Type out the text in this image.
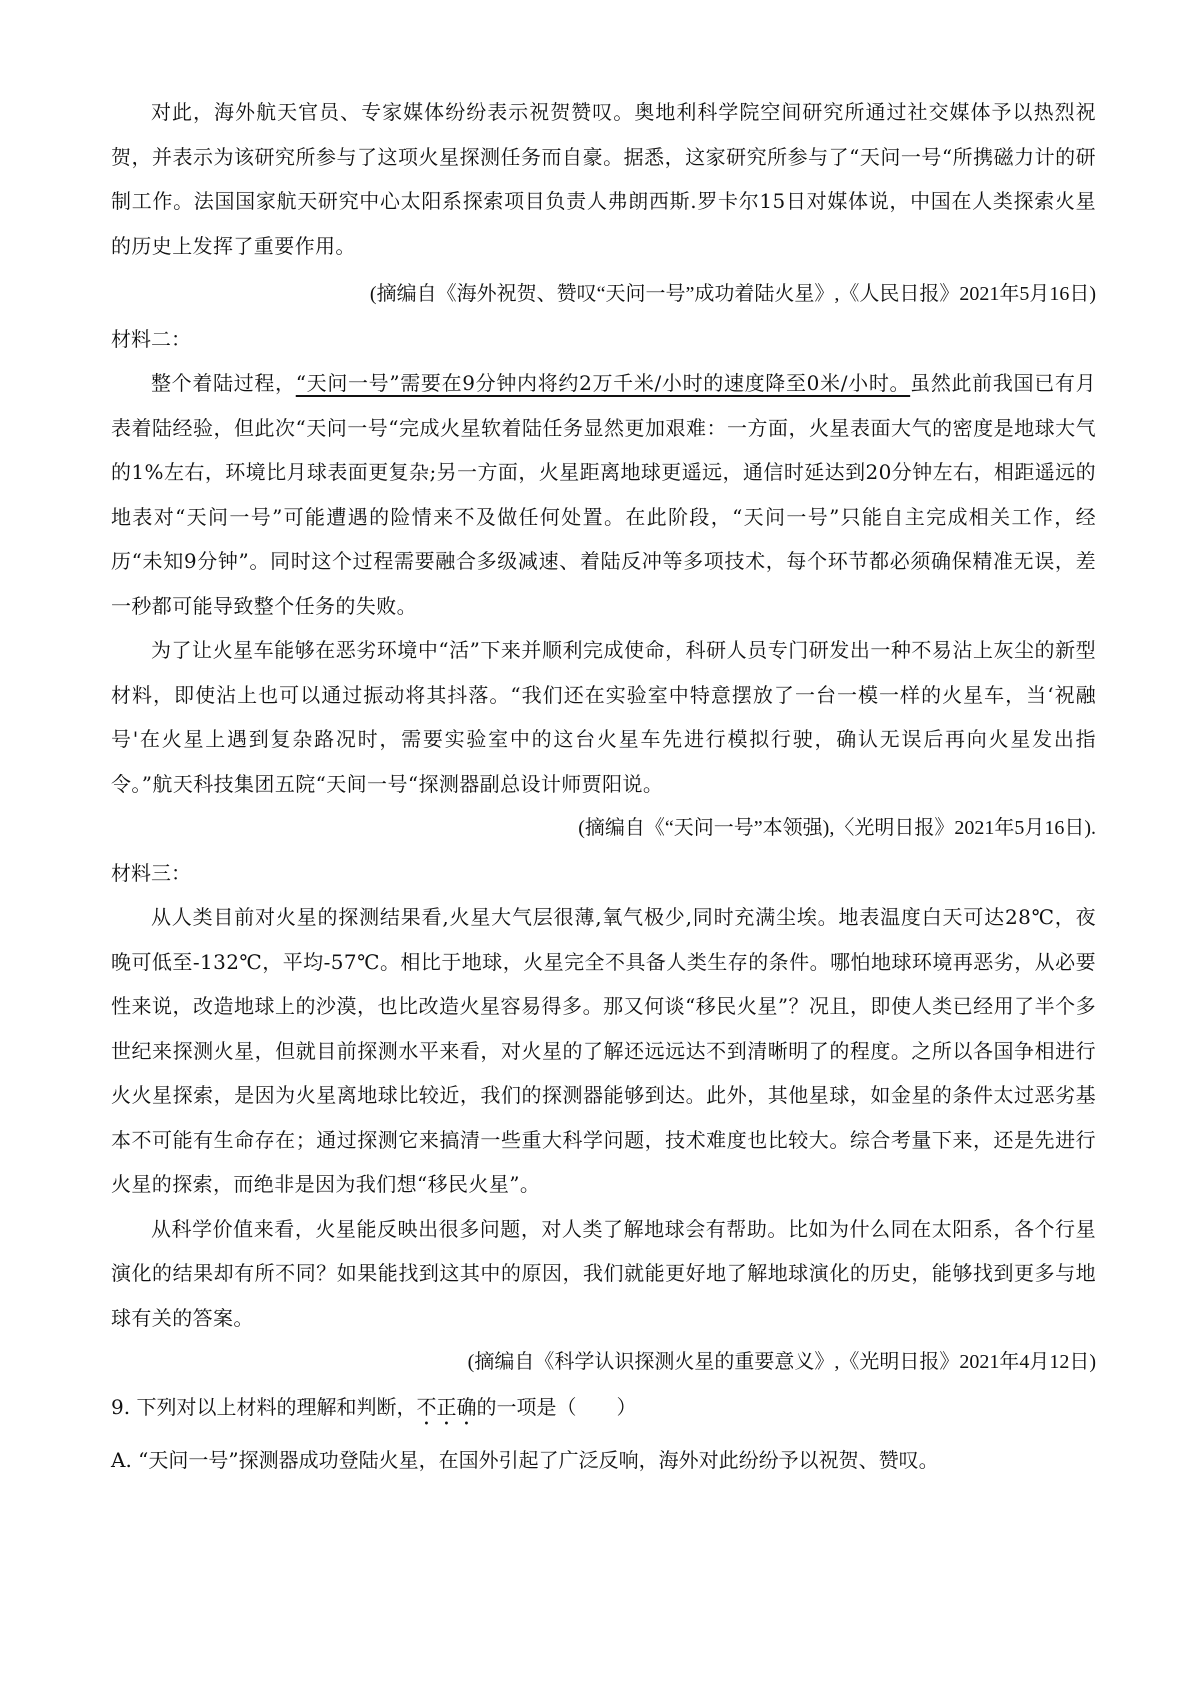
对此，海外航天官员、专家媒体纷纷表示祝贺赞叹。奥地利科学院空间研究所通过社交媒体予以热烈祝贺，并表示为该研究所参与了这项火星探测任务而自豪。据悉，这家研究所参与了“天问一号“所携磁力计的研制工作。法国国家航天研究中心太阳系探索项目负责人弗朗西斯.罗卡尔15日对媒体说，中国在人类探索火星的历史上发挥了重要作用。

(摘编自《海外祝贺、赞叹“天问一号”成功着陆火星》,《人民日报》2021年5月16日)

材料二：

整个着陆过程，“天问一号”需要在9分钟内将约2万千米/小时的速度降至0米/小时。虽然此前我国已有月表着陆经验，但此次“天问一号“完成火星软着陆任务显然更加艰难：一方面，火星表面大气的密度是地球大气的1%左右，环境比月球表面更复杂;另一方面，火星距离地球更遥远，通信时延达到20分钟左右，相距遥远的地表对“天问一号”可能遭遇的险情来不及做任何处置。在此阶段，“天问一号”只能自主完成相关工作，经历“未知9分钟”。同时这个过程需要融合多级减速、着陆反冲等多项技术，每个环节都必须确保精准无误，差一秒都可能导致整个任务的失败。

为了让火星车能够在恶劣环境中“活”下来并顺利完成使命，科研人员专门研发出一种不易沾上灰尘的新型材料，即使沾上也可以通过振动将其抖落。“我们还在实验室中特意摆放了一台一模一样的火星车，当‘祝融号'在火星上遇到复杂路况时，需要实验室中的这台火星车先进行模拟行驶，确认无误后再向火星发出指令。”航天科技集团五院“天间一号“探测器副总设计师贾阳说。

(摘编自《“天问一号”本领强),〈光明日报》2021年5月16日).

材料三：

从人类目前对火星的探测结果看,火星大气层很薄,氧气极少,同时充满尘埃。地表温度白天可达28℃，夜晚可低至-132℃，平均-57℃。相比于地球，火星完全不具备人类生存的条件。哪怕地球环境再恶劣，从必要性来说，改造地球上的沙漠，也比改造火星容易得多。那又何谈“移民火星”？况且，即使人类已经用了半个多世纪来探测火星，但就目前探测水平来看，对火星的了解还远远达不到清晰明了的程度。之所以各国争相进行火火星探索，是因为火星离地球比较近，我们的探测器能够到达。此外，其他星球，如金星的条件太过恶劣基本不可能有生命存在；通过探测它来搞清一些重大科学问题，技术难度也比较大。综合考量下来，还是先进行火星的探索，而绝非是因为我们想“移民火星”。

从科学价值来看，火星能反映出很多问题，对人类了解地球会有帮助。比如为什么同在太阳系，各个行星演化的结果却有所不同？如果能找到这其中的原因，我们就能更好地了解地球演化的历史，能够找到更多与地球有关的答案。

(摘编自《科学认识探测火星的重要意义》,《光明日报》2021年4月12日)

9. 下列对以上材料的理解和判断，不正确的一项是（　　）

A. “天问一号”探测器成功登陆火星，在国外引起了广泛反响，海外对此纷纷予以祝贺、赞叹。
